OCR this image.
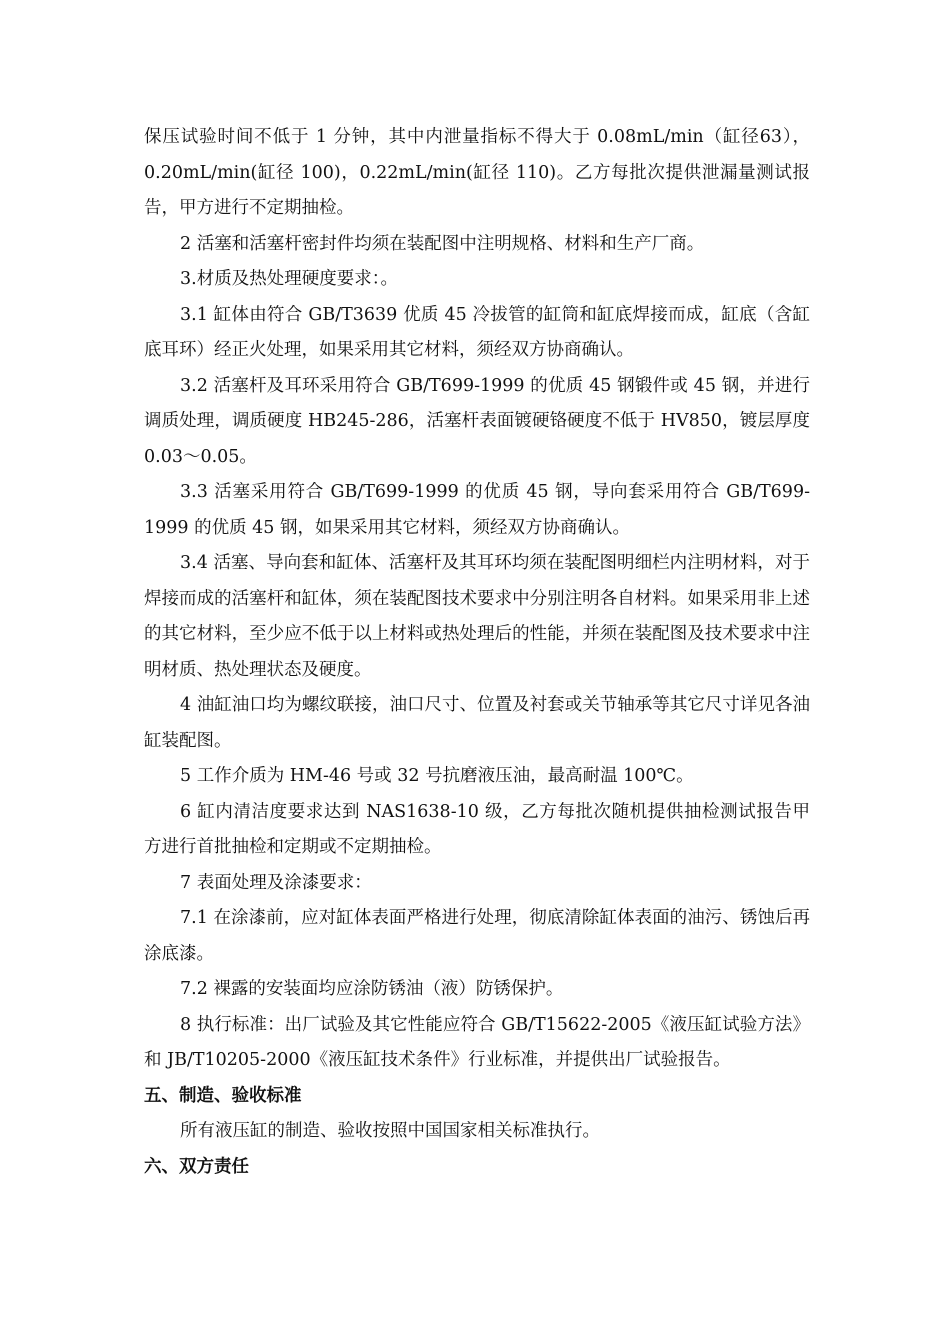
保压试验时间不低于 1 分钟，其中内泄量指标不得大于 0.08mL/min（缸径63），0.20mL/min(缸径 100)，0.22mL/min(缸径 110)。乙方每批次提供泄漏量测试报告，甲方进行不定期抽检。

2 活塞和活塞杆密封件均须在装配图中注明规格、材料和生产厂商。

3.材质及热处理硬度要求：。

3.1 缸体由符合 GB/T3639 优质 45 冷拔管的缸筒和缸底焊接而成，缸底（含缸底耳环）经正火处理，如果采用其它材料，须经双方协商确认。

3.2 活塞杆及耳环采用符合 GB/T699-1999 的优质 45 钢锻件或 45 钢，并进行调质处理，调质硬度 HB245-286，活塞杆表面镀硬铬硬度不低于 HV850，镀层厚度 0.03～0.05。

3.3 活塞采用符合 GB/T699-1999 的优质 45 钢，导向套采用符合 GB/T699-1999 的优质 45 钢，如果采用其它材料，须经双方协商确认。

3.4 活塞、导向套和缸体、活塞杆及其耳环均须在装配图明细栏内注明材料，对于焊接而成的活塞杆和缸体，须在装配图技术要求中分别注明各自材料。如果采用非上述的其它材料，至少应不低于以上材料或热处理后的性能，并须在装配图及技术要求中注明材质、热处理状态及硬度。

4 油缸油口均为螺纹联接，油口尺寸、位置及衬套或关节轴承等其它尺寸详见各油缸装配图。

5 工作介质为 HM-46 号或 32 号抗磨液压油，最高耐温 100℃。

6 缸内清洁度要求达到 NAS1638-10 级，乙方每批次随机提供抽检测试报告甲方进行首批抽检和定期或不定期抽检。

7 表面处理及涂漆要求：

7.1 在涂漆前，应对缸体表面严格进行处理，彻底清除缸体表面的油污、锈蚀后再涂底漆。

7.2 裸露的安装面均应涂防锈油（液）防锈保护。

8 执行标准：出厂试验及其它性能应符合 GB/T15622-2005《液压缸试验方法》和 JB/T10205-2000《液压缸技术条件》行业标准，并提供出厂试验报告。

五、制造、验收标准

所有液压缸的制造、验收按照中国国家相关标准执行。

六、双方责任
